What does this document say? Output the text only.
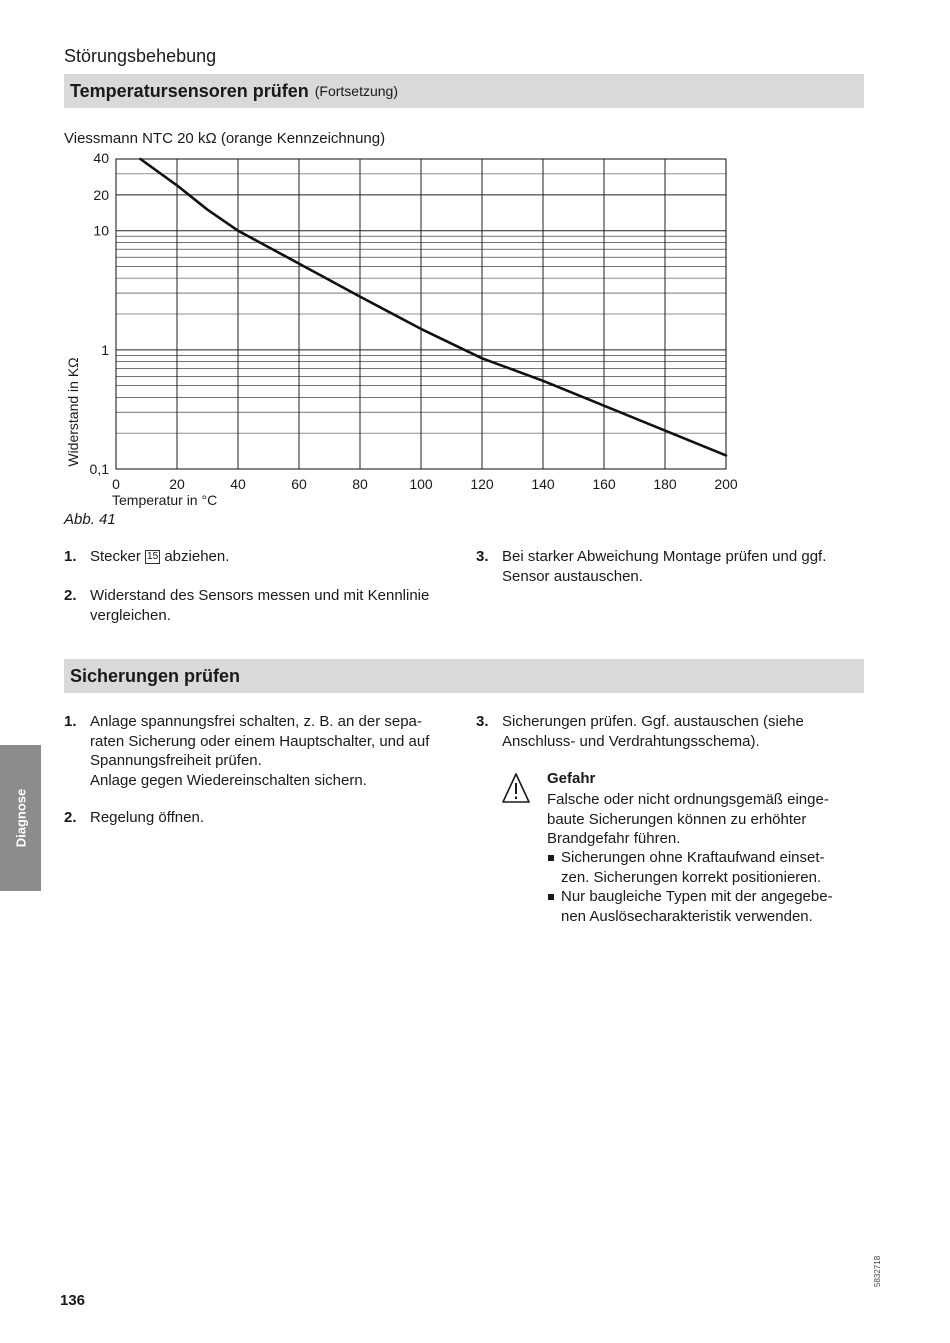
Störungsbehebung
Temperatursensoren prüfen (Fortsetzung)
Viessmann NTC 20 kΩ (orange Kennzeichnung)
0	20	40	60	80	100	120	140	160	180	200
0,1
1
10
20
40
Temperatur in °C
Widerstand in KΩ
Abb. 41
1. Stecker 15 abziehen.
2. Widerstand des Sensors messen und mit Kennlinie
vergleichen.
3. Bei starker Abweichung Montage prüfen und ggf.
Sensor austauschen.
Sicherungen prüfen
1. Anlage spannungsfrei schalten, z. B. an der sepa-
raten Sicherung oder einem Hauptschalter, und auf
Spannungsfreiheit prüfen.
Anlage gegen Wiedereinschalten sichern.
2. Regelung öffnen.
3. Sicherungen prüfen. Ggf. austauschen (siehe
Anschluss- und Verdrahtungsschema).
Gefahr
Falsche oder nicht ordnungsgemäß einge-
baute Sicherungen können zu erhöhter
Brandgefahr führen.
Sicherungen ohne Kraftaufwand einset-
zen. Sicherungen korrekt positionieren.
Nur baugleiche Typen mit der angegebe-
nen Auslösecharakteristik verwenden.
Diagnose
136
5832718
